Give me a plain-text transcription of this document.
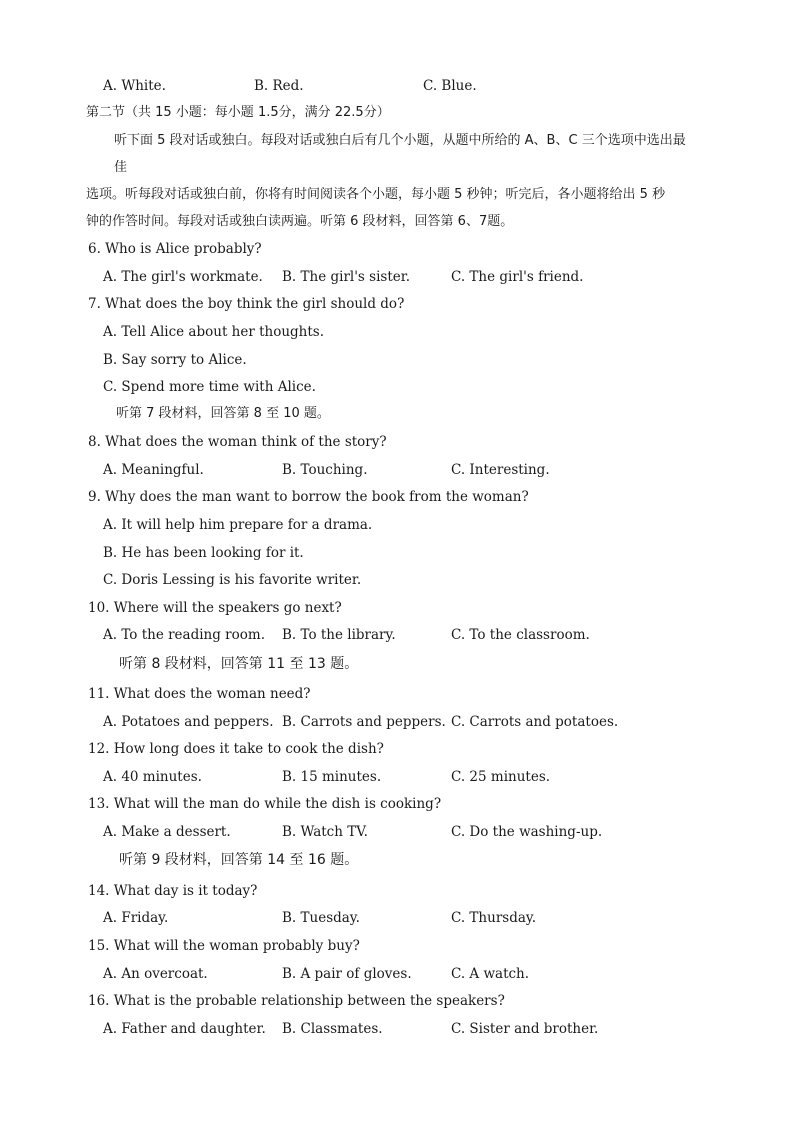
A. White.	B. Red.	C. Blue.
第二节（共 15 小题：每小题 1.5分，满分 22.5分）
听下面 5 段对话或独白。每段对话或独白后有几个小题，从题中所给的 A、B、C 三个选项中选出最
佳
选项。听每段对话或独白前，你将有时间阅读各个小题，每小题 5 秒钟；听完后，各小题将给出 5 秒
钟的作答时间。每段对话或独白读两遍。听第 6 段材料，回答第 6、7题。
6. Who is Alice probably?
A. The girl's workmate. B. The girl's sister.	C. The girl's friend.
7. What does the boy think the girl should do?
A. Tell Alice about her thoughts.
B. Say sorry to Alice.
C. Spend more time with Alice.
听第 7 段材料，回答第 8 至 10 题。
8. What does the woman think of the story?
A. Meaningful.	B. Touching.	C. Interesting.
9. Why does the man want to borrow the book from the woman?
A. It will help him prepare for a drama.
B. He has been looking for it.
C. Doris Lessing is his favorite writer.
10. Where will the speakers go next?
A. To the reading room. B. To the library.	C. To the classroom.
听第 8 段材料，回答第 11 至 13 题。
11. What does the woman need?
A. Potatoes and peppers. B. Carrots and peppers. C. Carrots and potatoes.
12. How long does it take to cook the dish?
A. 40 minutes.	B. 15 minutes.	C. 25 minutes.
13. What will the man do while the dish is cooking?
A. Make a dessert.	B. Watch TV.	C. Do the washing-up.
听第 9 段材料，回答第 14 至 16 题。
14. What day is it today?
A. Friday.	B. Tuesday.	C. Thursday.
15. What will the woman probably buy?
A. An overcoat.	B. A pair of gloves.	C. A watch.
16. What is the probable relationship between the speakers?
A. Father and daughter. B. Classmates.	C. Sister and brother.
